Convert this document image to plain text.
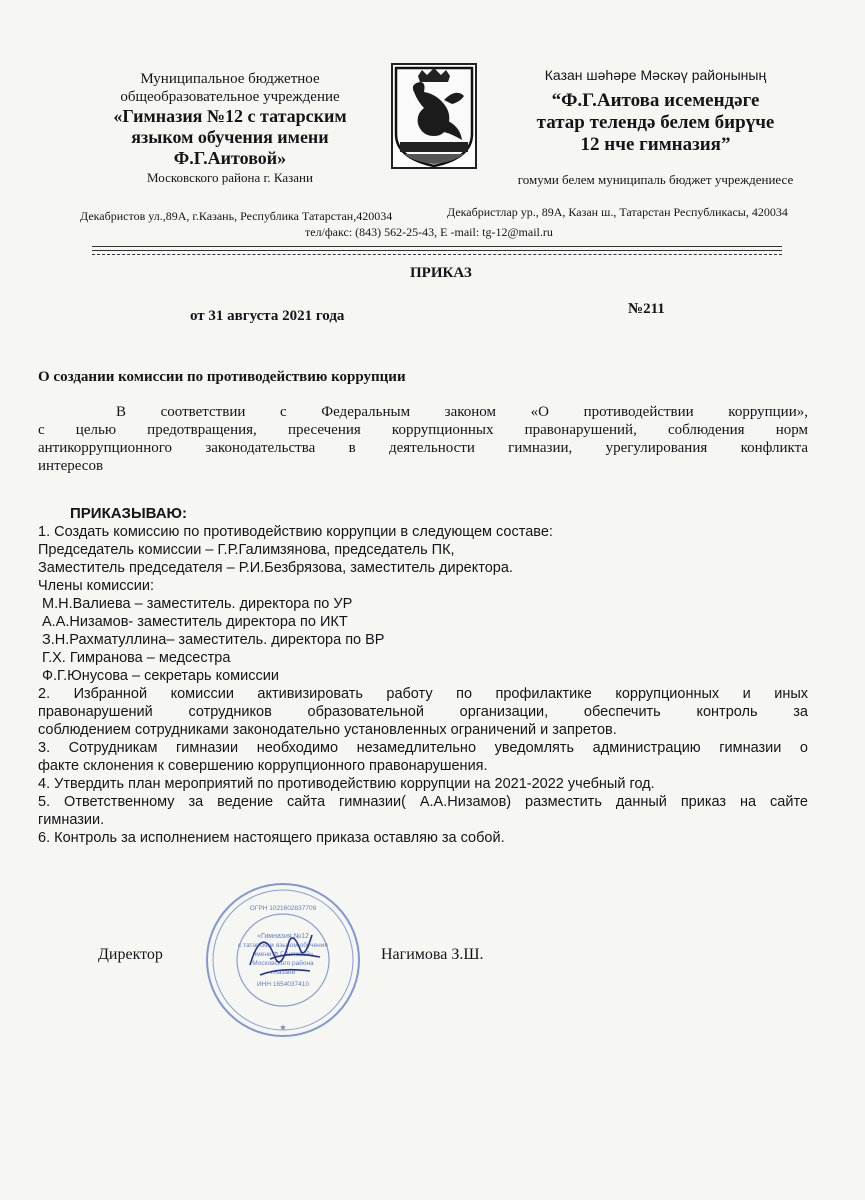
Муниципальное бюджетное
общеобразовательное учреждение
«Гимназия №12 с татарским
языком обучения имени
Ф.Г.Аитовой»
Московского района г. Казани
Казан шәһәре Мәскәү районының
“Ф.Г.Аитова исемендәге
татар телендә белем бирүче
12 нче гимназия”
гомуми белем муниципаль бюджет учреждениесе
Декабристов ул.,89А, г.Казань, Республика Татарстан,420034	Декабристлар ур., 89А, Казан ш., Татарстан Республикасы, 420034
тел/факс: (843) 562-25-43, E -mail: tg-12@mail.ru
ПРИКАЗ
от 31 августа 2021 года	№211
О создании комиссии по противодействию коррупции
В соответствии с Федеральным законом «О противодействии коррупции»,
с целью предотвращения, пресечения коррупционных правонарушений, соблюдения норм
антикоррупционного законодательства в деятельности гимназии, урегулирования конфликта
интересов
ПРИКАЗЫВАЮ:
1. Создать комиссию по противодействию коррупции в следующем составе:
Председатель комиссии – Г.Р.Галимзянова, председатель ПК,
Заместитель председателя – Р.И.Безбрязова, заместитель директора.
Члены комиссии:
М.Н.Валиева – заместитель. директора по УР
А.А.Низамов- заместитель директора по ИКТ
З.Н.Рахматуллина– заместитель. директора по ВР
Г.Х. Гимранова – медсестра
Ф.Г.Юнусова – секретарь комиссии
2. Избранной комиссии активизировать работу по профилактике коррупционных и иных
правонарушений сотрудников образовательной организации, обеспечить контроль за
соблюдением сотрудниками законодательно установленных ограничений и запретов.
3. Сотрудникам гимназии необходимо незамедлительно уведомлять администрацию гимназии о
факте склонения к совершению коррупционного правонарушения.
4. Утвердить план мероприятий по противодействию коррупции на 2021-2022 учебный год.
5. Ответственному за ведение сайта гимназии( А.А.Низамов) разместить данный приказ на сайте
гимназии.
6. Контроль за исполнением настоящего приказа оставляю за собой.
«Гимназия №12
с татарским языком обучения
имени Ф.Г.Аитовой»
Московского района
г.Казани
ИНН 1654037410
ОГРН 1021602837709
★
Директор	Нагимова З.Ш.
